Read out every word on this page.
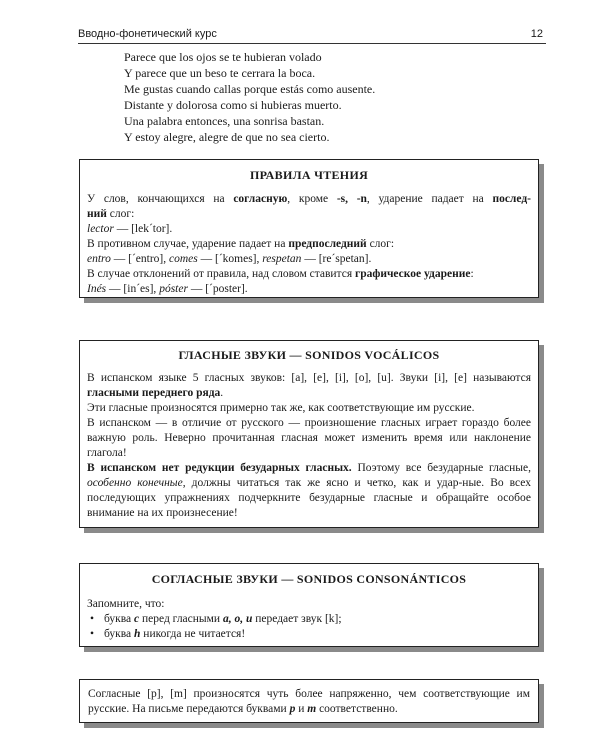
Вводно-фонетический курс	12
Parece que los ojos se te hubieran volado
Y parece que un beso te cerrara la boca.
Me gustas cuando callas porque estás como ausente.
Distante y dolorosa como si hubieras muerto.
Una palabra entonces, una sonrisa bastan.
Y estoy alegre, alegre de que no sea cierto.
ПРАВИЛА ЧТЕНИЯ

У слов, кончающихся на согласную, кроме -s, -n, ударение падает на послед-

ний слог:

lector — [lek´tor].

В противном случае, ударение падает на предпоследний слог:

entro — [´entro], comes — [´komes], respetan — [re´spetan].

В случае отклонений от правила, над словом ставится графическое ударение:

Inés — [in´es], póster — [´poster].

ГЛАСНЫЕ ЗВУКИ — SONIDOS VOCÁLICOS

В испанском языке 5 гласных звуков: [a], [e], [i], [o], [u]. Звуки [i], [e] называются гласными переднего ряда.

Эти гласные произносятся примерно так же, как соответствующие им русские.

В испанском — в отличие от русского — произношение гласных играет гораздо более важную роль. Неверно прочитанная гласная может изменить время или наклонение глагола!

В испанском нет редукции безударных гласных. Поэтому все безударные гласные, особенно конечные, должны читаться так же ясно и четко, как и удар-ные. Во всех последующих упражнениях подчеркните безударные гласные и обращайте особое внимание на их произнесение!

СОГЛАСНЫЕ ЗВУКИ — SONIDOS CONSONÁNTICOS

Запомните, что:

• буква c перед гласными a, o, u передает звук [k];
• буква h никогда не читается!

Согласные [p], [m] произносятся чуть более напряженно, чем соответствующие им русские. На письме передаются буквами p и m соответственно.
